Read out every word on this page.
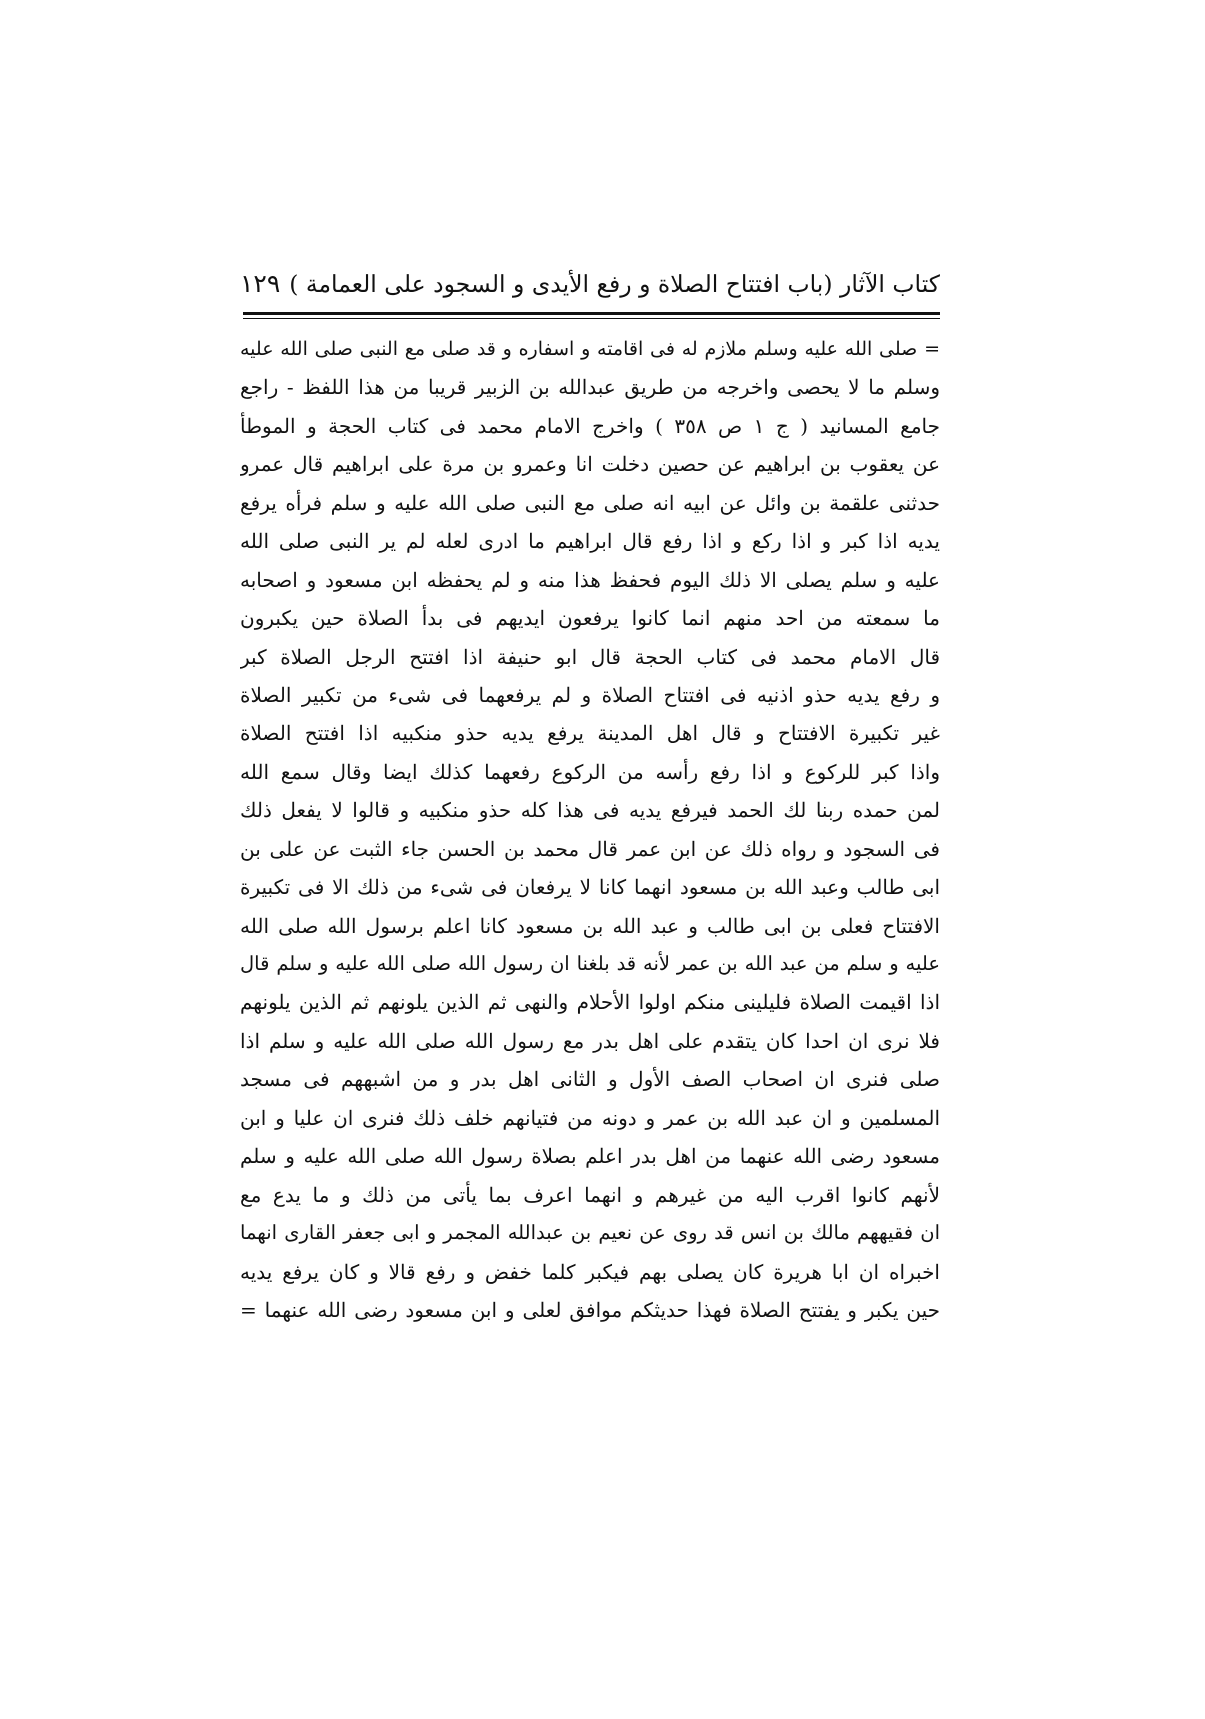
كتاب الآثار (باب افتتاح الصلاة و رفع الأيدى و السجود على العمامة )
١٢٩
= صلى الله عليه وسلم ملازم له فى اقامته و اسفاره و قد صلى مع النبى صلى الله عليه
وسلم ما لا يحصى واخرجه من طريق عبدالله بن الزبير قريبا من هذا اللفظ - راجع
جامع المسانيد ( ج ١ ص ٣٥٨ ) واخرج الامام محمد فى كتاب الحجة و الموطأ
عن يعقوب بن ابراهيم عن حصين دخلت انا وعمرو بن مرة على ابراهيم قال عمرو
حدثنى علقمة بن وائل عن ابيه انه صلى مع النبى صلى الله عليه و سلم فرأه يرفع
يديه اذا كبر و اذا ركع و اذا رفع قال ابراهيم ما ادرى لعله لم ير النبى صلى الله
عليه و سلم يصلى الا ذلك اليوم فحفظ هذا منه و لم يحفظه ابن مسعود و اصحابه
ما سمعته من احد منهم انما كانوا يرفعون ايديهم فى بدأ الصلاة حين يكبرون
قال الامام محمد فى كتاب الحجة قال ابو حنيفة اذا افتتح الرجل الصلاة كبر
و رفع يديه حذو اذنيه فى افتتاح الصلاة و لم يرفعهما فى شىء من تكبير الصلاة
غير تكبيرة الافتتاح و قال اهل المدينة يرفع يديه حذو منكبيه اذا افتتح الصلاة
واذا كبر للركوع و اذا رفع رأسه من الركوع رفعهما كذلك ايضا وقال سمع الله
لمن حمده ربنا لك الحمد فيرفع يديه فى هذا كله حذو منكبيه و قالوا لا يفعل ذلك
فى السجود و رواه ذلك عن ابن عمر قال محمد بن الحسن جاء الثبت عن على بن
ابى طالب وعبد الله بن مسعود انهما كانا لا يرفعان فى شىء من ذلك الا فى تكبيرة
الافتتاح فعلى بن ابى طالب و عبد الله بن مسعود كانا اعلم برسول الله صلى الله
عليه و سلم من عبد الله بن عمر لأنه قد بلغنا ان رسول الله صلى الله عليه و سلم قال
اذا اقيمت الصلاة فليلينى منكم اولوا الأحلام والنهى ثم الذين يلونهم ثم الذين يلونهم
فلا نرى ان احدا كان يتقدم على اهل بدر مع رسول الله صلى الله عليه و سلم اذا
صلى فنرى ان اصحاب الصف الأول و الثانى اهل بدر و من اشبههم فى مسجد
المسلمين و ان عبد الله بن عمر و دونه من فتيانهم خلف ذلك فنرى ان عليا و ابن
مسعود رضى الله عنهما من اهل بدر اعلم بصلاة رسول الله صلى الله عليه و سلم
لأنهم كانوا اقرب اليه من غيرهم و انهما اعرف بما يأتى من ذلك و ما يدع مع
ان فقيههم مالك بن انس قد روى عن نعيم بن عبدالله المجمر و ابى جعفر القارى انهما
اخبراه ان ابا هريرة كان يصلى بهم فيكبر كلما خفض و رفع قالا و كان يرفع يديه
حين يكبر و يفتتح الصلاة فهذا حديثكم موافق لعلى و ابن مسعود رضى الله عنهما =
